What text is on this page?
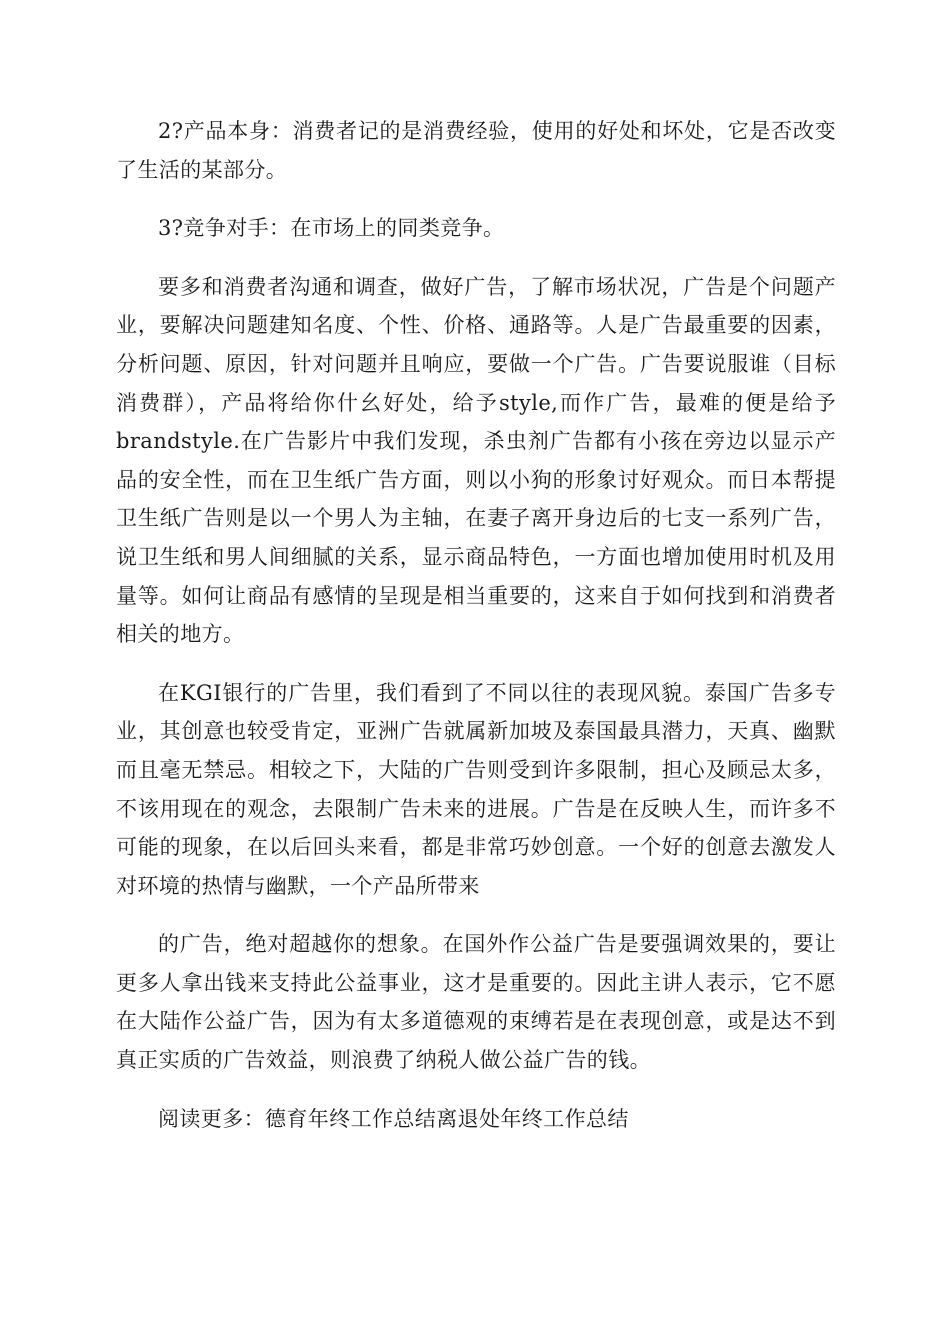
2?产品本身：消费者记的是消费经验，使用的好处和坏处，它是否改变了生活的某部分。

3?竞争对手：在市场上的同类竞争。

要多和消费者沟通和调查，做好广告，了解市场状况，广告是个问题产业，要解决问题建知名度、个性、价格、通路等。人是广告最重要的因素，分析问题、原因，针对问题并且响应，要做一个广告。广告要说服谁（目标消费群），产品将给你什幺好处，给予style,而作广告，最难的便是给予brandstyle.在广告影片中我们发现，杀虫剂广告都有小孩在旁边以显示产品的安全性，而在卫生纸广告方面，则以小狗的形象讨好观众。而日本帮提卫生纸广告则是以一个男人为主轴，在妻子离开身边后的七支一系列广告，说卫生纸和男人间细腻的关系，显示商品特色，一方面也增加使用时机及用量等。如何让商品有感情的呈现是相当重要的，这来自于如何找到和消费者相关的地方。

在KGI银行的广告里，我们看到了不同以往的表现风貌。泰国广告多专业，其创意也较受肯定，亚洲广告就属新加坡及泰国最具潜力，天真、幽默而且毫无禁忌。相较之下，大陆的广告则受到许多限制，担心及顾忌太多，不该用现在的观念，去限制广告未来的进展。广告是在反映人生，而许多不可能的现象，在以后回头来看，都是非常巧妙创意。一个好的创意去激发人对环境的热情与幽默，一个产品所带来

的广告，绝对超越你的想象。在国外作公益广告是要强调效果的，要让更多人拿出钱来支持此公益事业，这才是重要的。因此主讲人表示，它不愿在大陆作公益广告，因为有太多道德观的束缚若是在表现创意，或是达不到真正实质的广告效益，则浪费了纳税人做公益广告的钱。

阅读更多：德育年终工作总结离退处年终工作总结
